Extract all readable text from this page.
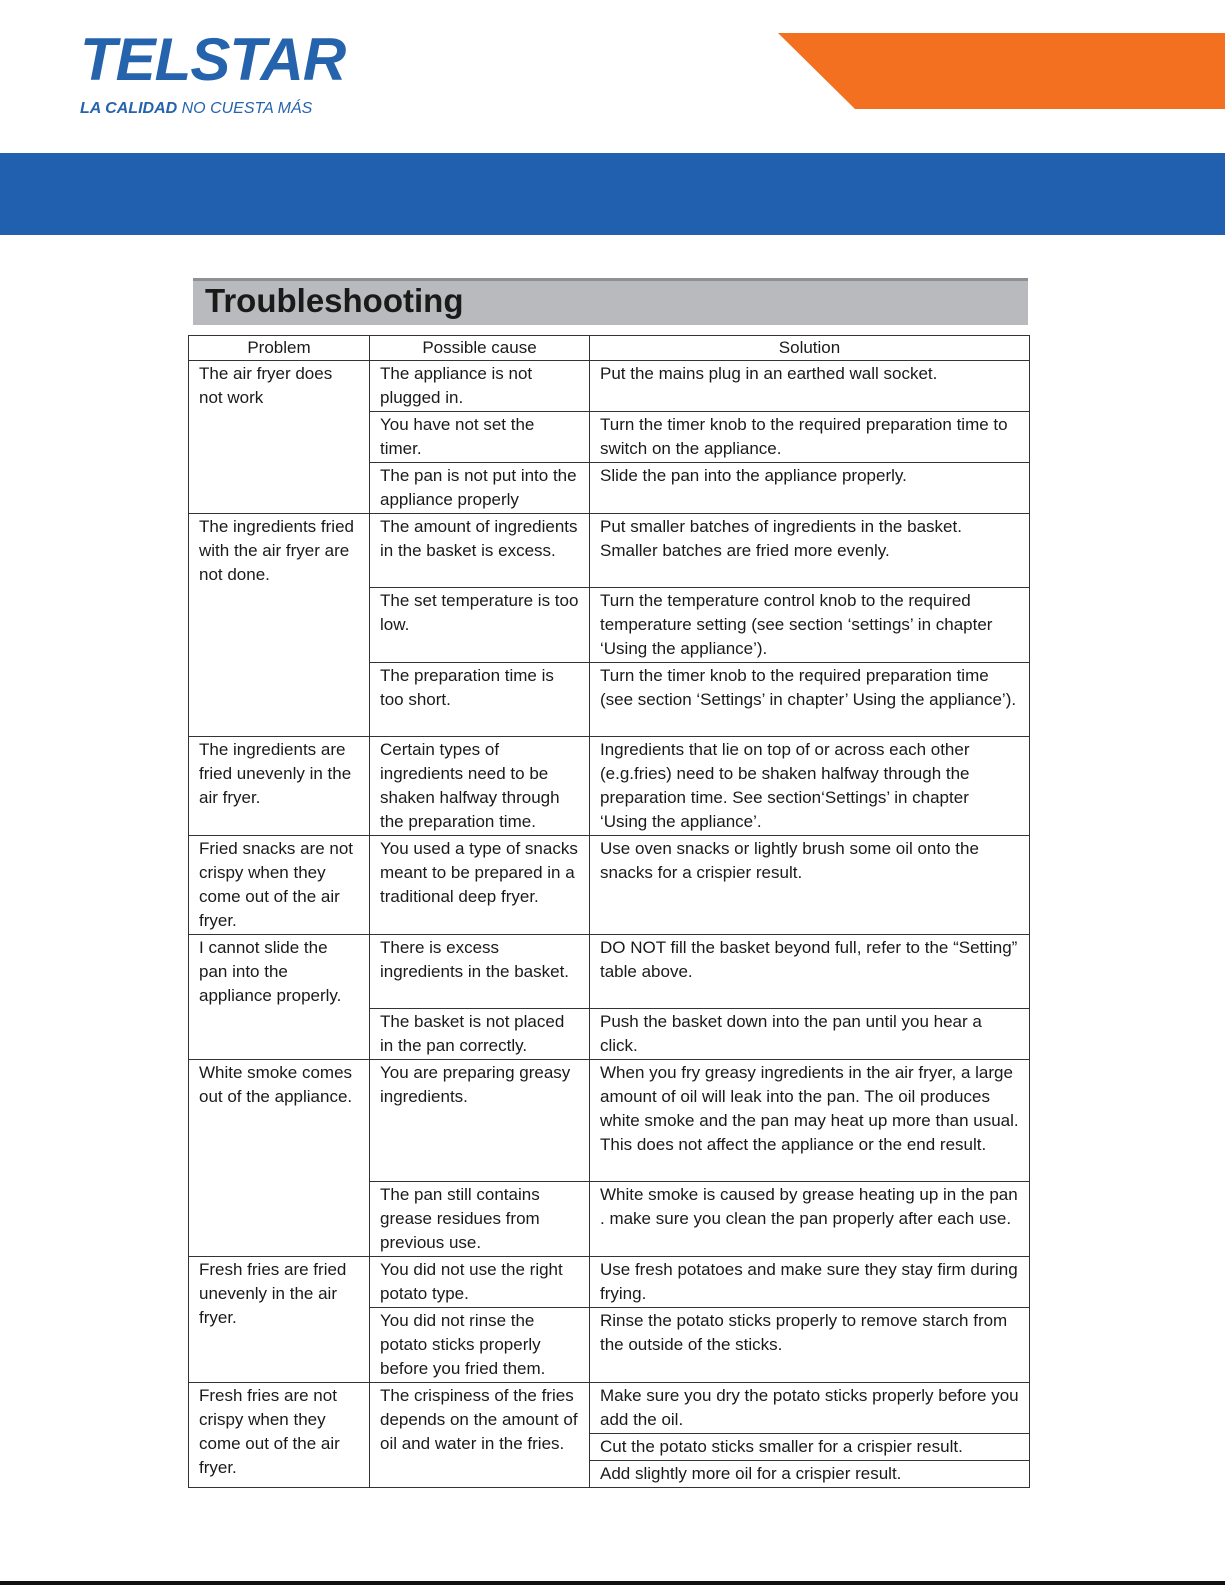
TELSTAR
LA CALIDAD NO CUESTA MÁS
Troubleshooting
Problem	Possible cause	Solution
The air fryer does not work	The appliance is not plugged in.	Put the mains plug in an earthed wall socket.
	You have not set the timer.	Turn the timer knob to the required preparation time to switch on the appliance.
	The pan is not put into the appliance properly	Slide the pan into the appliance properly.
The ingredients fried with the air fryer are not done.	The amount of ingredients in the basket is excess.	Put smaller batches of ingredients in the basket. Smaller batches are fried more evenly.
	The set temperature is too low.	Turn the temperature control knob to the required temperature setting (see section ‘settings’ in chapter ‘Using the appliance’).
	The preparation time is too short.	Turn the timer knob to the required preparation time (see section ‘Settings’ in chapter’ Using the appliance’).
The ingredients are fried unevenly in the air fryer.	Certain types of ingredients need to be shaken halfway through the preparation time.	Ingredients that lie on top of or across each other (e.g.fries) need to be shaken halfway through the preparation time. See section‘Settings’ in chapter ‘Using the appliance’.
Fried snacks are not crispy when they come out of the air fryer.	You used a type of snacks meant to be prepared in a traditional deep fryer.	Use oven snacks or lightly brush some oil onto the snacks for a crispier result.
I cannot slide the pan into the appliance properly.	There is excess ingredients in the basket.	DO NOT fill the basket beyond full, refer to the “Setting” table above.
	The basket is not placed in the pan correctly.	Push the basket down into the pan until you hear a click.
White smoke comes out of the appliance.	You are preparing greasy ingredients.	When you fry greasy ingredients in the air fryer, a large amount of oil will leak into the pan. The oil produces white smoke and the pan may heat up more than usual. This does not affect the appliance or the end result.
	The pan still contains grease residues from previous use.	White smoke is caused by grease heating up in the pan . make sure you clean the pan properly after each use.
Fresh fries are fried unevenly in the air fryer.	You did not use the right potato type.	Use fresh potatoes and make sure they stay firm during frying.
	You did not rinse the potato sticks properly before you fried them.	Rinse the potato sticks properly to remove starch from the outside of the sticks.
Fresh fries are not crispy when they come out of the air fryer.	The crispiness of the fries depends on the amount of oil and water in the fries.	Make sure you dry the potato sticks properly before you add the oil.
		Cut the potato sticks smaller for a crispier result.
		Add slightly more oil for a crispier result.
